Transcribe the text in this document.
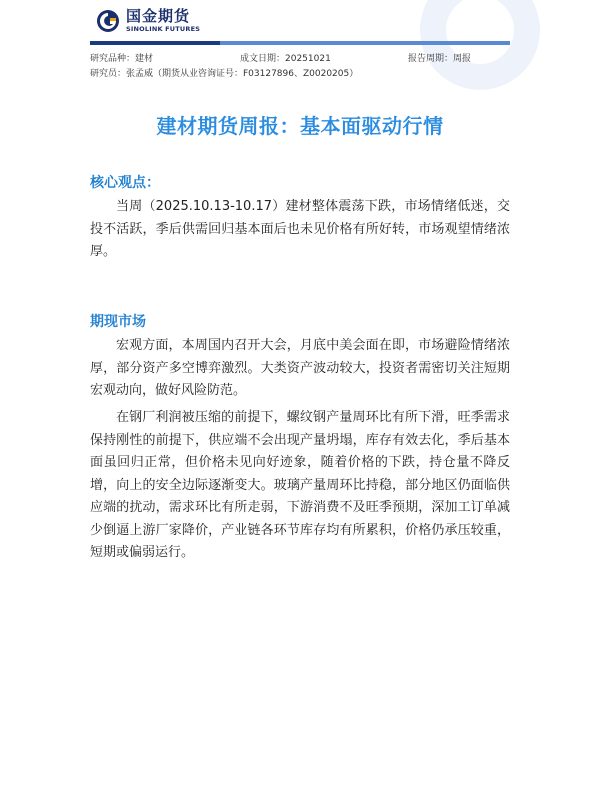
国金期货
SINOLINK FUTURES
研究品种：建材	成文日期：20251021	报告周期：周报
研究员：张孟威（期货从业咨询证号：F03127896、Z0020205）
建材期货周报：基本面驱动行情
核心观点：

当周（2025.10.13-10.17）建材整体震荡下跌，市场情绪低迷，交投不活跃，季后供需回归基本面后也未见价格有所好转，市场观望情绪浓厚。

期现市场

宏观方面，本周国内召开大会，月底中美会面在即，市场避险情绪浓厚，部分资产多空博弈激烈。大类资产波动较大，投资者需密切关注短期宏观动向，做好风险防范。

在钢厂利润被压缩的前提下，螺纹钢产量周环比有所下滑，旺季需求保持刚性的前提下，供应端不会出现产量坍塌，库存有效去化，季后基本面虽回归正常，但价格未见向好迹象，随着价格的下跌，持仓量不降反增，向上的安全边际逐渐变大。玻璃产量周环比持稳，部分地区仍面临供应端的扰动，需求环比有所走弱，下游消费不及旺季预期，深加工订单减少倒逼上游厂家降价，产业链各环节库存均有所累积，价格仍承压较重，短期或偏弱运行。
